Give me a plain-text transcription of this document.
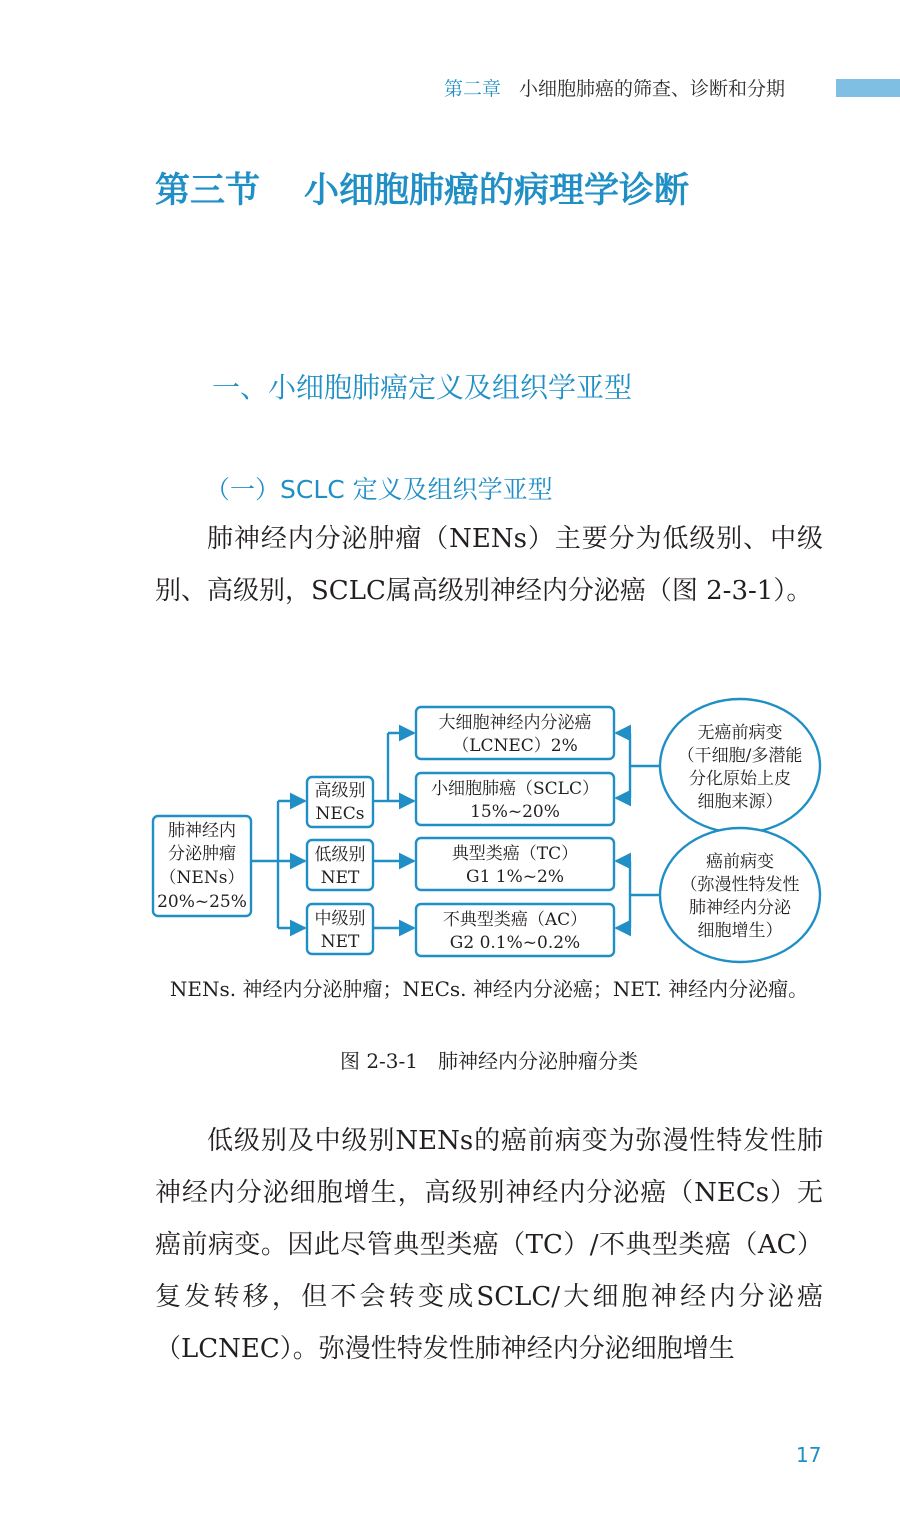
第二章 小细胞肺癌的筛查、诊断和分期
第三节 小细胞肺癌的病理学诊断
一、小细胞肺癌定义及组织学亚型
（一）SCLC 定义及组织学亚型

肺神经内分泌肿瘤（NENs）主要分为低级别、中级别、高级别，SCLC属高级别神经内分泌癌（图 2-3-1）。

肺神经内
分泌肿瘤
（NENs）
20%~25%
高级别
NECs
低级别
NET
中级别
NET
大细胞神经内分泌癌
（LCNEC）2%
小细胞肺癌（SCLC）
15%~20%
典型类癌（TC）
G1 1%~2%
不典型类癌（AC）
G2 0.1%~0.2%
无癌前病变
（干细胞/多潜能
分化原始上皮
细胞来源）
癌前病变
（弥漫性特发性
肺神经内分泌
细胞增生）
NENs. 神经内分泌肿瘤；NECs. 神经内分泌癌；NET. 神经内分泌瘤。
图 2-3-1　肺神经内分泌肿瘤分类

低级别及中级别NENs的癌前病变为弥漫性特发性肺神经内分泌细胞增生，高级别神经内分泌癌（NECs）无癌前病变。因此尽管典型类癌（TC）/不典型类癌（AC）复发转移，但不会转变成SCLC/大细胞神经内分泌癌（LCNEC）。弥漫性特发性肺神经内分泌细胞增生

17
